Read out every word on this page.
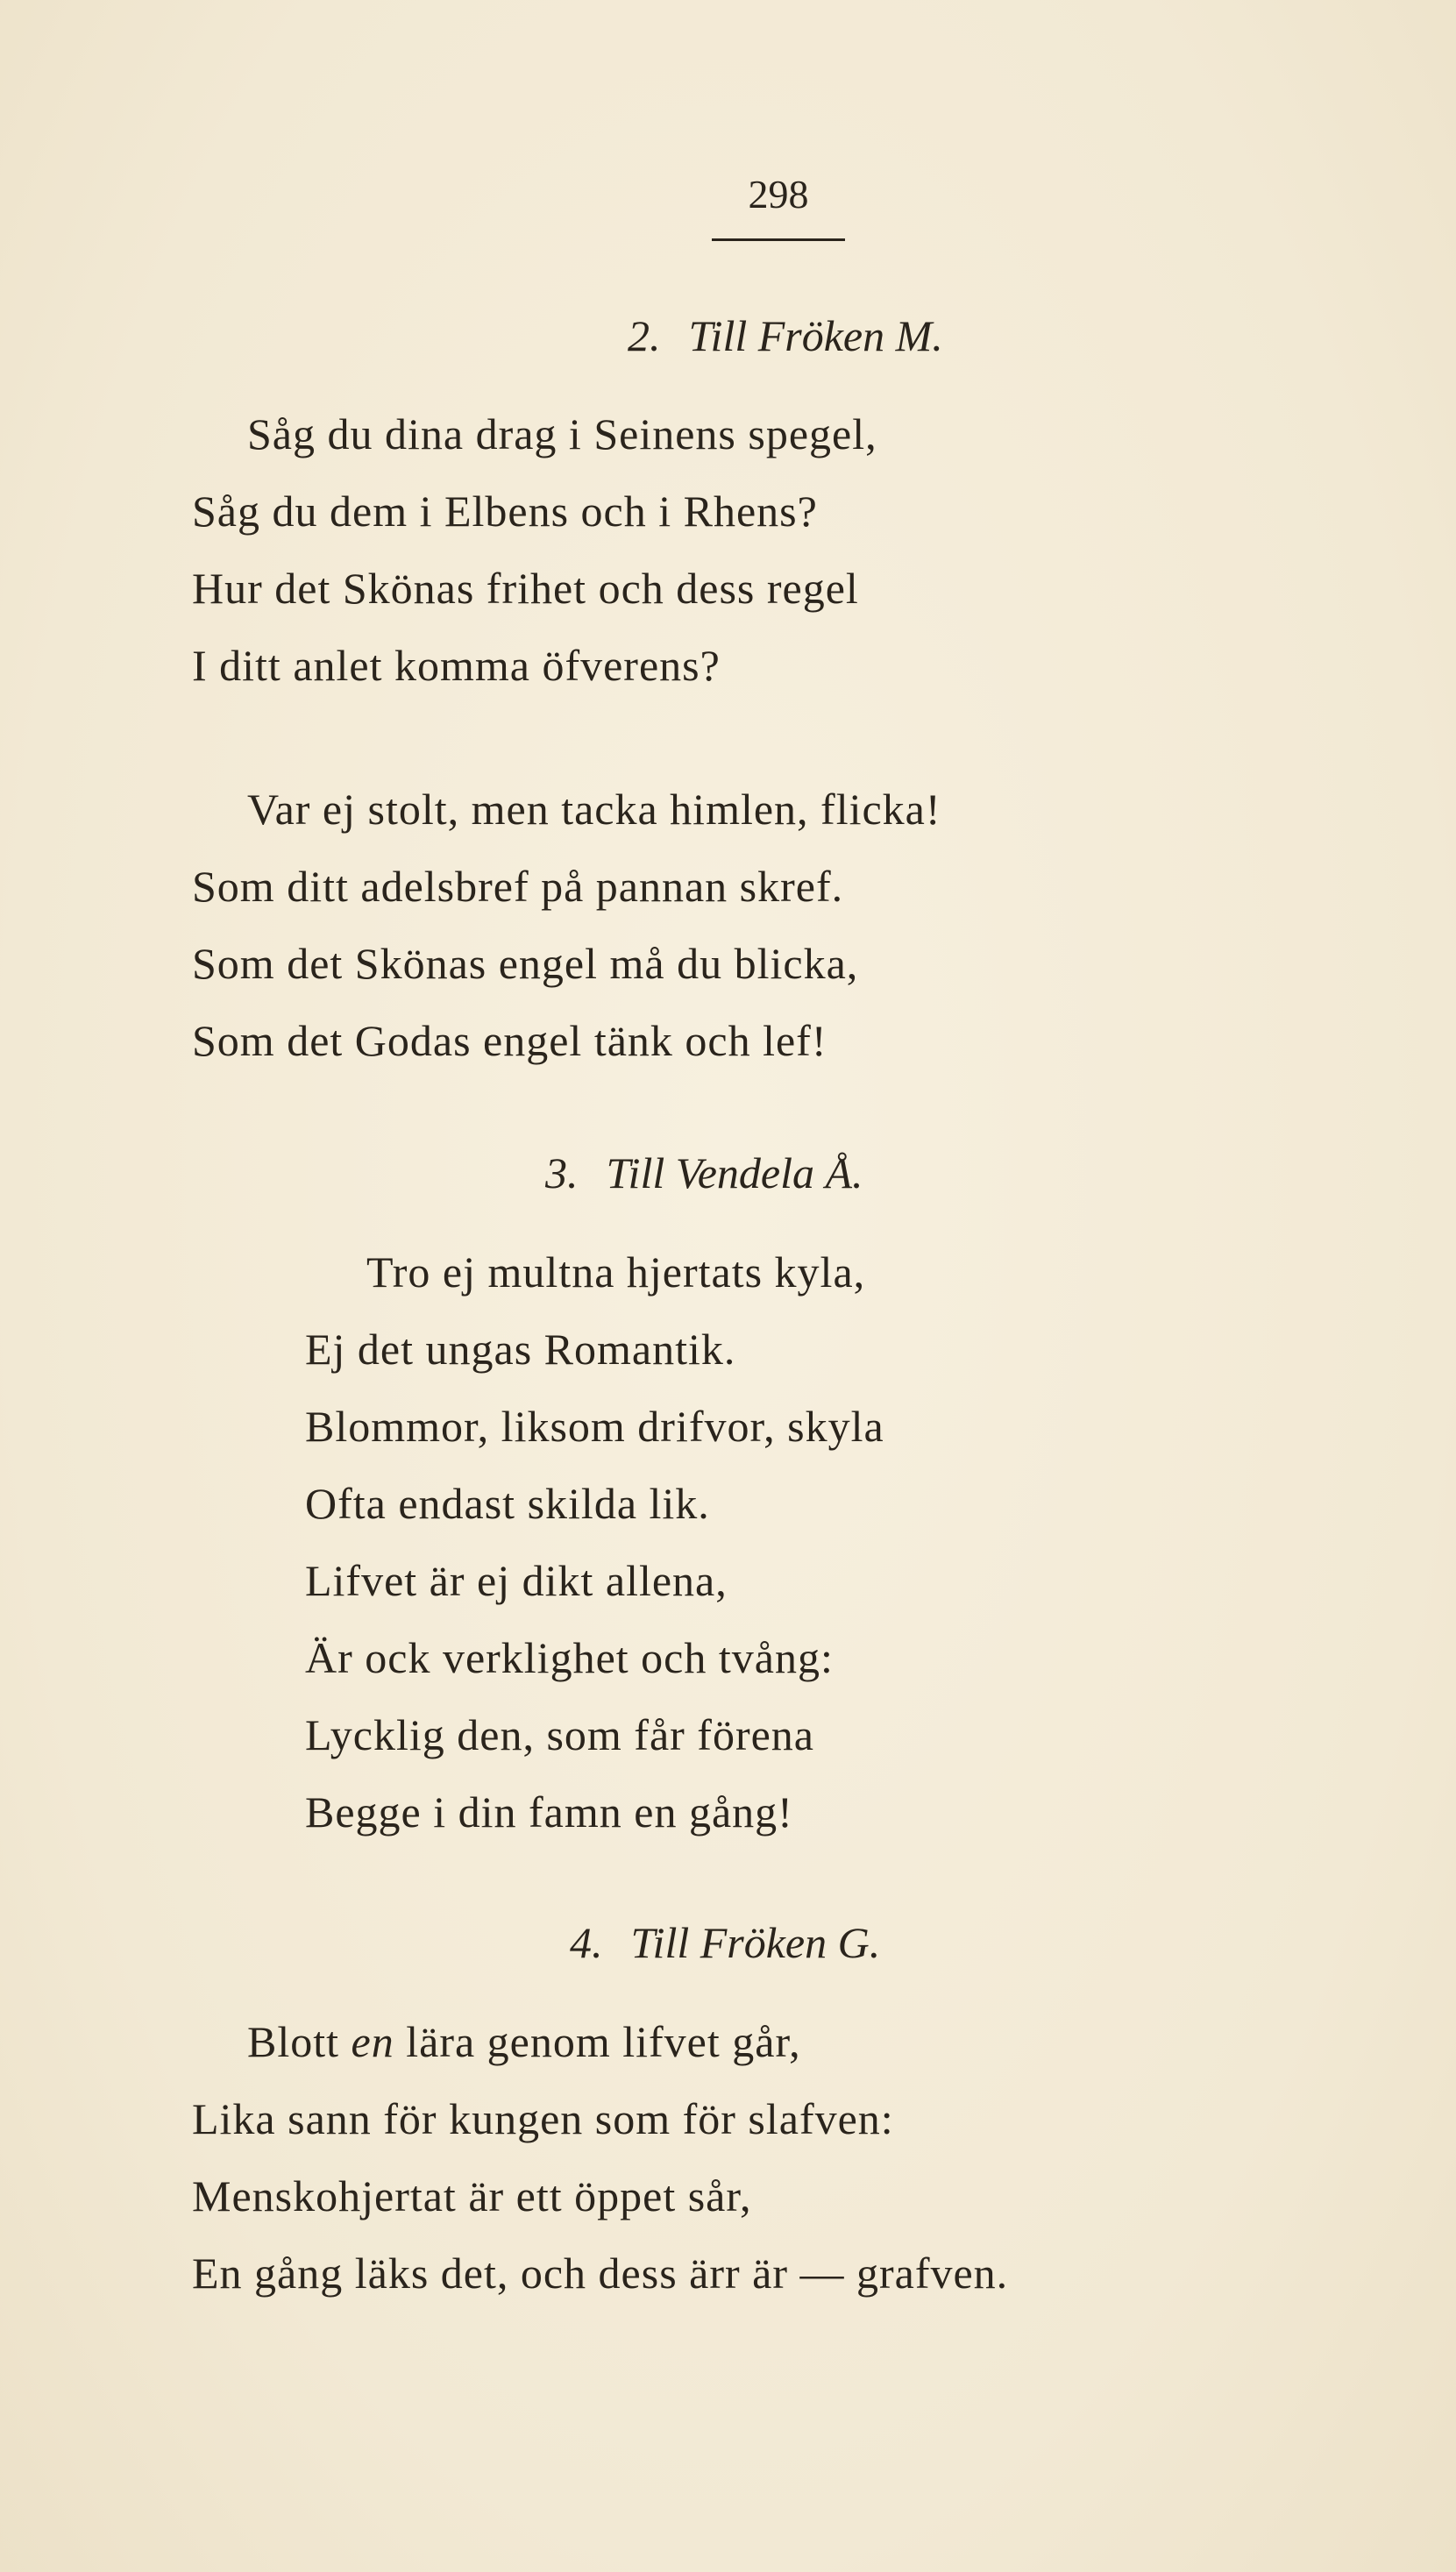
298
2. Till Fröken M.
Såg du dina drag i Seinens spegel,
Såg du dem i Elbens och i Rhens?
Hur det Skönas frihet och dess regel
I ditt anlet komma öfverens?
Var ej stolt, men tacka himlen, flicka!
Som ditt adelsbref på pannan skref.
Som det Skönas engel må du blicka,
Som det Godas engel tänk och lef!
3. Till Vendela Å.
Tro ej multna hjertats kyla,
Ej det ungas Romantik.
Blommor, liksom drifvor, skyla
Ofta endast skilda lik.
Lifvet är ej dikt allena,
Är ock verklighet och tvång:
Lycklig den, som får förena
Begge i din famn en gång!
4. Till Fröken G.
Blott en lära genom lifvet går,
Lika sann för kungen som för slafven:
Menskohjertat är ett öppet sår,
En gång läks det, och dess ärr är — grafven.
